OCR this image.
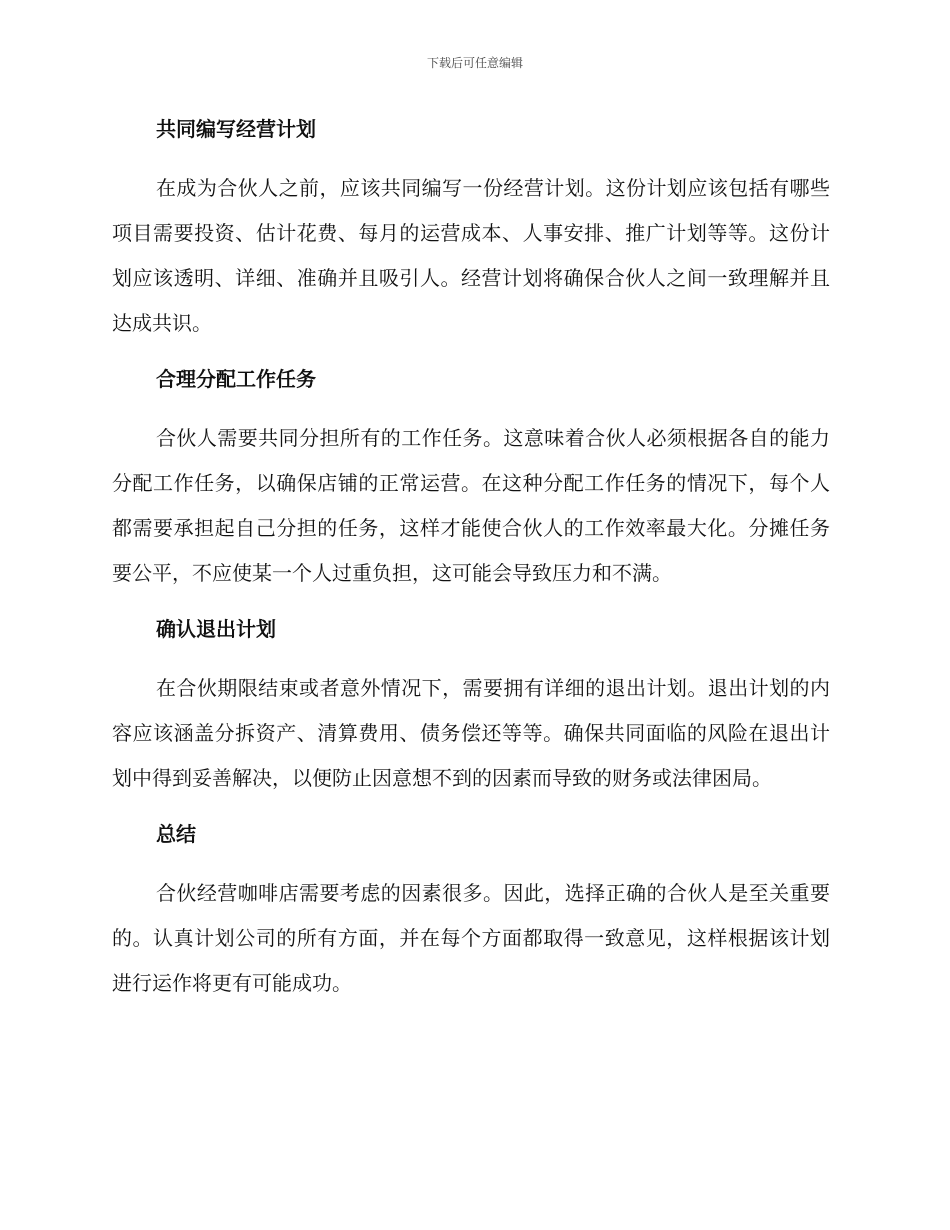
下载后可任意编辑
共同编写经营计划

在成为合伙人之前，应该共同编写一份经营计划。这份计划应该包括有哪些项目需要投资、估计花费、每月的运营成本、人事安排、推广计划等等。这份计划应该透明、详细、准确并且吸引人。经营计划将确保合伙人之间一致理解并且达成共识。

合理分配工作任务

合伙人需要共同分担所有的工作任务。这意味着合伙人必须根据各自的能力分配工作任务，以确保店铺的正常运营。在这种分配工作任务的情况下，每个人都需要承担起自己分担的任务，这样才能使合伙人的工作效率最大化。分摊任务要公平，不应使某一个人过重负担，这可能会导致压力和不满。

确认退出计划

在合伙期限结束或者意外情况下，需要拥有详细的退出计划。退出计划的内容应该涵盖分拆资产、清算费用、债务偿还等等。确保共同面临的风险在退出计划中得到妥善解决，以便防止因意想不到的因素而导致的财务或法律困局。

总结

合伙经营咖啡店需要考虑的因素很多。因此，选择正确的合伙人是至关重要的。认真计划公司的所有方面，并在每个方面都取得一致意见，这样根据该计划进行运作将更有可能成功。
